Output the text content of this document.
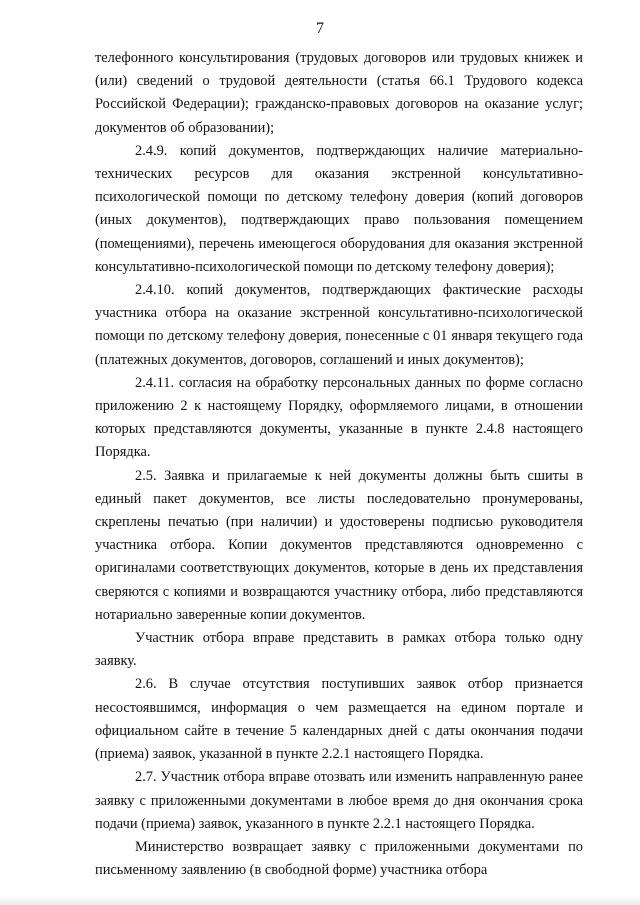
7

телефонного консультирования (трудовых договоров или трудовых книжек и (или) сведений о трудовой деятельности (статья 66.1 Трудового кодекса Российской Федерации); гражданско-правовых договоров на оказание услуг; документов об образовании);

2.4.9. копий документов, подтверждающих наличие материально-технических ресурсов для оказания экстренной консультативно-психологической помощи по детскому телефону доверия (копий договоров (иных документов), подтверждающих право пользования помещением (помещениями), перечень имеющегося оборудования для оказания экстренной консультативно-психологической помощи по детскому телефону доверия);

2.4.10. копий документов, подтверждающих фактические расходы участника отбора на оказание экстренной консультативно-психологической помощи по детскому телефону доверия, понесенные с 01 января текущего года (платежных документов, договоров, соглашений и иных документов);

2.4.11. согласия на обработку персональных данных по форме согласно приложению 2 к настоящему Порядку, оформляемого лицами, в отношении которых представляются документы, указанные в пункте 2.4.8 настоящего Порядка.

2.5. Заявка и прилагаемые к ней документы должны быть сшиты в единый пакет документов, все листы последовательно пронумерованы, скреплены печатью (при наличии) и удостоверены подписью руководителя участника отбора. Копии документов представляются одновременно с оригиналами соответствующих документов, которые в день их представления сверяются с копиями и возвращаются участнику отбора, либо представляются нотариально заверенные копии документов.

Участник отбора вправе представить в рамках отбора только одну заявку.

2.6. В случае отсутствия поступивших заявок отбор признается несостоявшимся, информация о чем размещается на едином портале и официальном сайте в течение 5 календарных дней с даты окончания подачи (приема) заявок, указанной в пункте 2.2.1 настоящего Порядка.

2.7. Участник отбора вправе отозвать или изменить направленную ранее заявку с приложенными документами в любое время до дня окончания срока подачи (приема) заявок, указанного в пункте 2.2.1 настоящего Порядка.

Министерство возвращает заявку с приложенными документами по письменному заявлению (в свободной форме) участника отбора
